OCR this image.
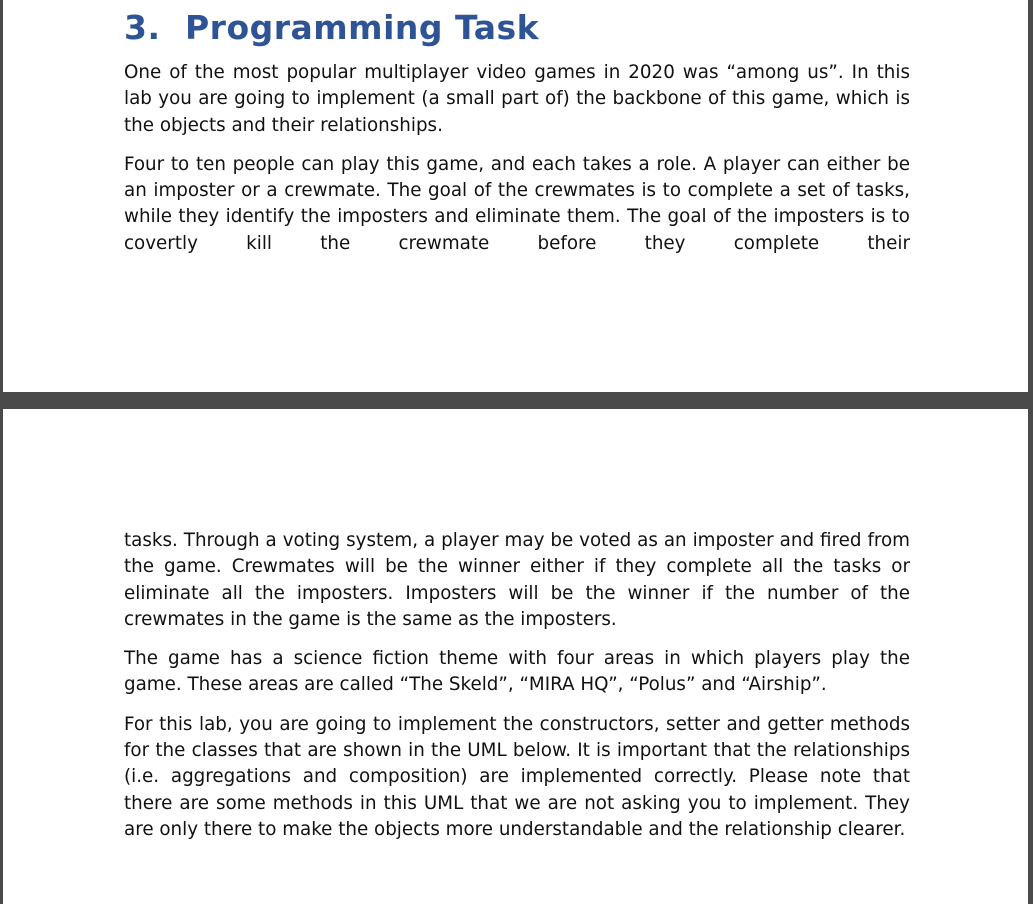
3. Programming Task

One of the most popular multiplayer video games in 2020 was “among us”. In this lab you are going to implement (a small part of) the backbone of this game, which is the objects and their relationships.

Four to ten people can play this game, and each takes a role. A player can either be an imposter or a crewmate. The goal of the crewmates is to complete a set of tasks, while they identify the imposters and eliminate them. The goal of the imposters is to covertly kill the crewmate before they complete their

tasks. Through a voting system, a player may be voted as an imposter and fired from the game. Crewmates will be the winner either if they complete all the tasks or eliminate all the imposters. Imposters will be the winner if the number of the crewmates in the game is the same as the imposters.

The game has a science fiction theme with four areas in which players play the game. These areas are called “The Skeld”, “MIRA HQ”, “Polus” and “Airship”.

For this lab, you are going to implement the constructors, setter and getter methods for the classes that are shown in the UML below. It is important that the relationships (i.e. aggregations and composition) are implemented correctly. Please note that there are some methods in this UML that we are not asking you to implement. They are only there to make the objects more understandable and the relationship clearer.
